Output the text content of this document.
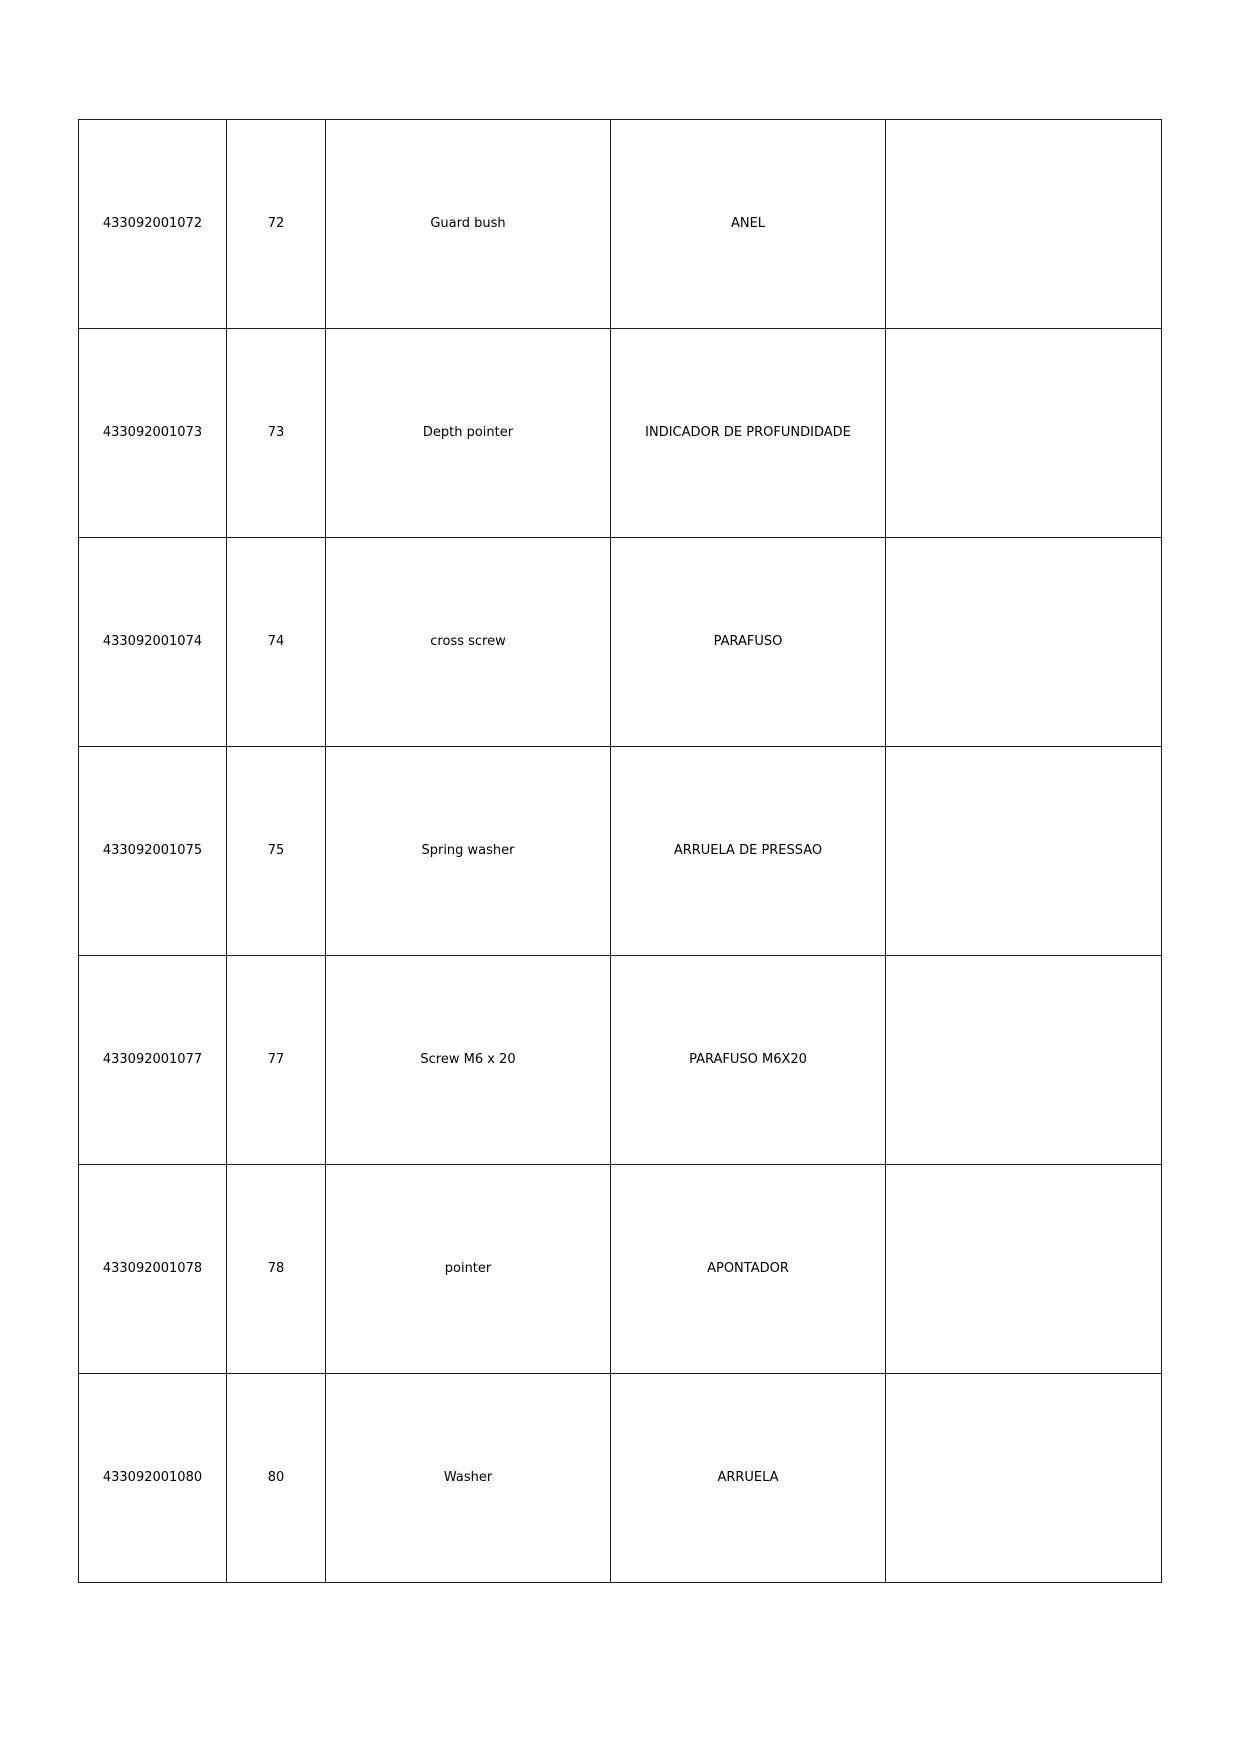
433092001072	72	Guard bush	ANEL	
433092001073	73	Depth pointer	INDICADOR DE PROFUNDIDADE	
433092001074	74	cross screw	PARAFUSO	
433092001075	75	Spring washer	ARRUELA DE PRESSAO	
433092001077	77	Screw M6 x 20	PARAFUSO M6X20	
433092001078	78	pointer	APONTADOR	
433092001080	80	Washer	ARRUELA	
